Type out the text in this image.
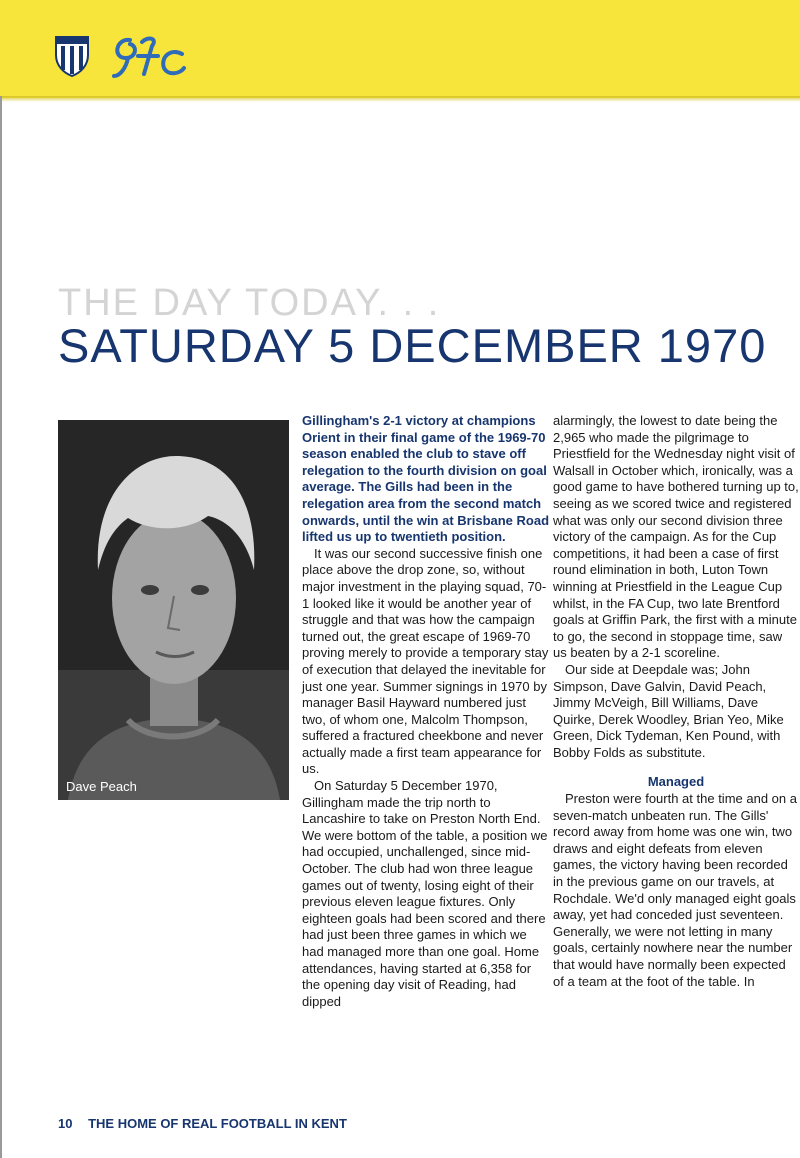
THE DAY TODAY. . .
SATURDAY 5 DECEMBER 1970
Dave Peach

Gillingham's 2-1 victory at champions Orient in their final game of the 1969-70 season enabled the club to stave off relegation to the fourth division on goal average. The Gills had been in the relegation area from the second match onwards, until the win at Brisbane Road lifted us up to twentieth position.

It was our second successive finish one place above the drop zone, so, without major investment in the playing squad, 70-1 looked like it would be another year of struggle and that was how the campaign turned out, the great escape of 1969-70 proving merely to provide a temporary stay of execution that delayed the inevitable for just one year. Summer signings in 1970 by manager Basil Hayward numbered just two, of whom one, Malcolm Thompson, suffered a fractured cheekbone and never actually made a first team appearance for us.

On Saturday 5 December 1970, Gillingham made the trip north to Lancashire to take on Preston North End. We were bottom of the table, a position we had occupied, unchallenged, since mid-October. The club had won three league games out of twenty, losing eight of their previous eleven league fixtures. Only eighteen goals had been scored and there had just been three games in which we had managed more than one goal. Home attendances, having started at 6,358 for the opening day visit of Reading, had dipped

alarmingly, the lowest to date being the 2,965 who made the pilgrimage to Priestfield for the Wednesday night visit of Walsall in October which, ironically, was a good game to have bothered turning up to, seeing as we scored twice and registered what was only our second division three victory of the campaign. As for the Cup competitions, it had been a case of first round elimination in both, Luton Town winning at Priestfield in the League Cup whilst, in the FA Cup, two late Brentford goals at Griffin Park, the first with a minute to go, the second in stoppage time, saw us beaten by a 2-1 scoreline.

Our side at Deepdale was; John Simpson, Dave Galvin, David Peach, Jimmy McVeigh, Bill Williams, Dave Quirke, Derek Woodley, Brian Yeo, Mike Green, Dick Tydeman, Ken Pound, with Bobby Folds as substitute.

Managed

Preston were fourth at the time and on a seven-match unbeaten run. The Gills' record away from home was one win, two draws and eight defeats from eleven games, the victory having been recorded in the previous game on our travels, at Rochdale. We'd only managed eight goals away, yet had conceded just seventeen. Generally, we were not letting in many goals, certainly nowhere near the number that would have normally been expected of a team at the foot of the table. In

10 THE HOME OF REAL FOOTBALL IN KENT
